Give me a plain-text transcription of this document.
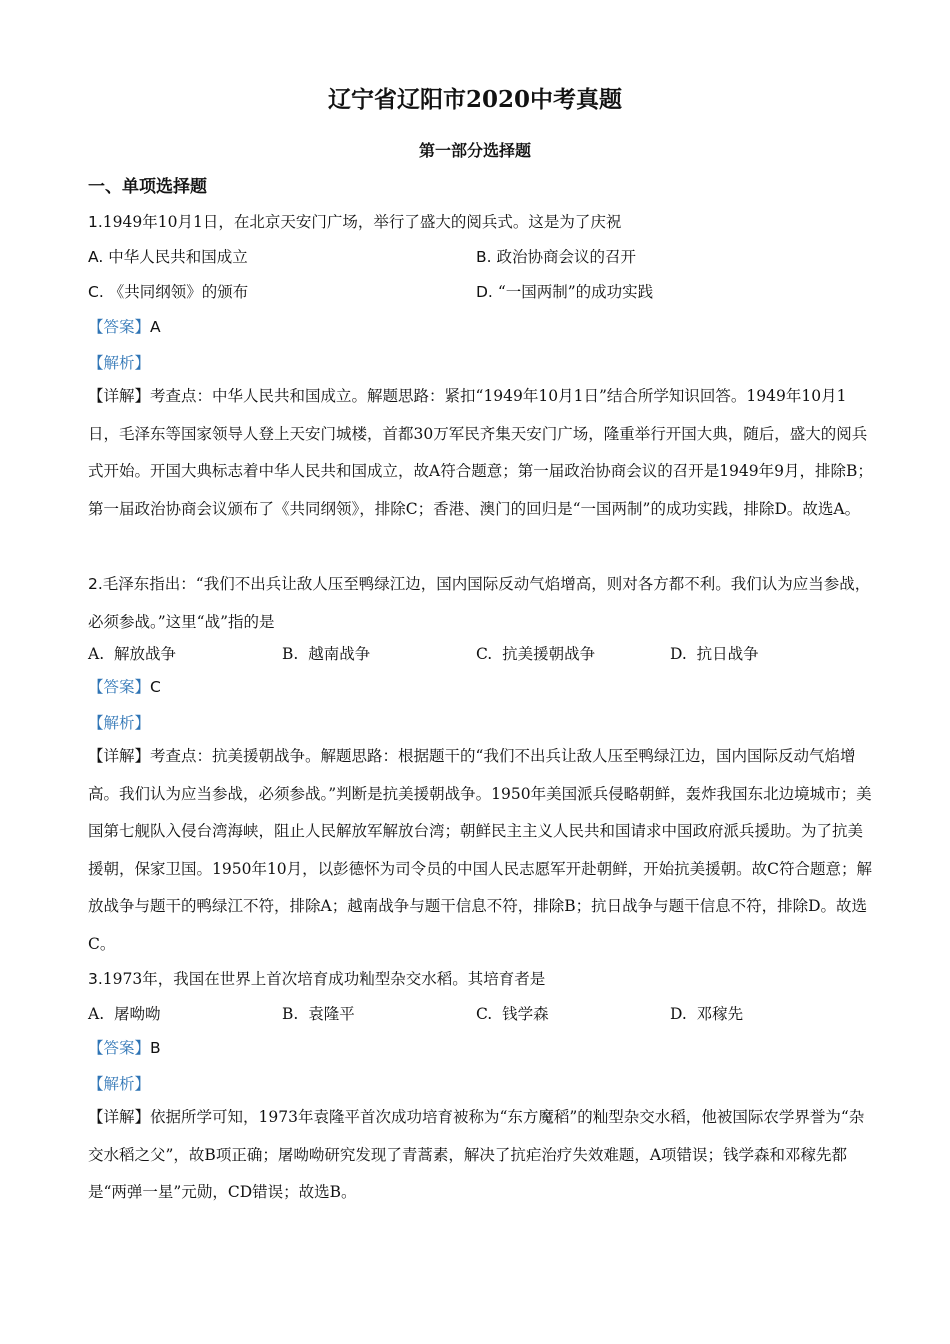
辽宁省辽阳市2020中考真题
第一部分选择题
一、单项选择题
1.1949年10月1日，在北京天安门广场，举行了盛大的阅兵式。这是为了庆祝
A. 中华人民共和国成立	B. 政治协商会议的召开
C. 《共同纲领》的颁布	D. “一国两制”的成功实践
【答案】A
【解析】
【详解】考查点：中华人民共和国成立。解题思路：紧扣“1949年10月1日”结合所学知识回答。1949年10月1日，毛泽东等国家领导人登上天安门城楼，首都30万军民齐集天安门广场，隆重举行开国大典，随后，盛大的阅兵式开始。开国大典标志着中华人民共和国成立，故A符合题意；第一届政治协商会议的召开是1949年9月，排除B；第一届政治协商会议颁布了《共同纲领》，排除C；香港、澳门的回归是“一国两制”的成功实践，排除D。故选A。
2.毛泽东指出：“我们不出兵让敌人压至鸭绿江边，国内国际反动气焰增高，则对各方都不利。我们认为应当参战，必须参战。”这里“战”指的是
A. 解放战争	B. 越南战争	C. 抗美援朝战争	D. 抗日战争
【答案】C
【解析】
【详解】考查点：抗美援朝战争。解题思路：根据题干的“我们不出兵让敌人压至鸭绿江边，国内国际反动气焰增高。我们认为应当参战，必须参战。”判断是抗美援朝战争。1950年美国派兵侵略朝鲜，轰炸我国东北边境城市；美国第七舰队入侵台湾海峡，阻止人民解放军解放台湾；朝鲜民主主义人民共和国请求中国政府派兵援助。为了抗美援朝，保家卫国。1950年10月，以彭德怀为司令员的中国人民志愿军开赴朝鲜，开始抗美援朝。故C符合题意；解放战争与题干的鸭绿江不符，排除A；越南战争与题干信息不符，排除B；抗日战争与题干信息不符，排除D。故选C。
3.1973年，我国在世界上首次培育成功籼型杂交水稻。其培育者是
A. 屠呦呦	B. 袁隆平	C. 钱学森	D. 邓稼先
【答案】B
【解析】
【详解】依据所学可知，1973年袁隆平首次成功培育被称为“东方魔稻”的籼型杂交水稻，他被国际农学界誉为“杂交水稻之父”，故B项正确；屠呦呦研究发现了青蒿素，解决了抗疟治疗失效难题，A项错误；钱学森和邓稼先都是“两弹一星”元勋，CD错误；故选B。
